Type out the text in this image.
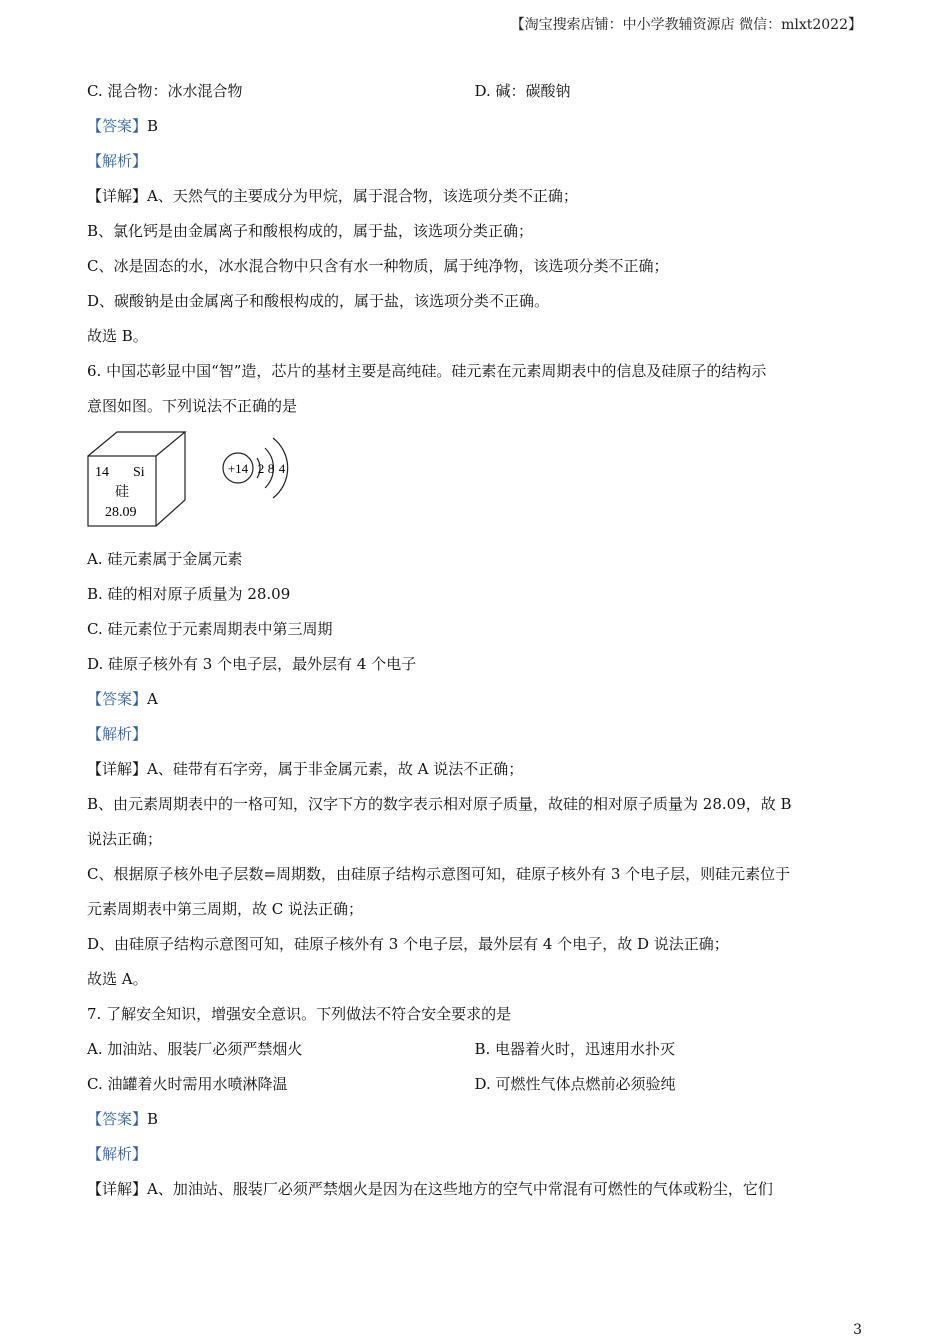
【淘宝搜索店铺：中小学教辅资源店 微信：mlxt2022】
C. 混合物：冰水混合物	D. 碱：碳酸钠
【答案】B
【解析】
【详解】A、天然气的主要成分为甲烷，属于混合物，该选项分类不正确；
B、氯化钙是由金属离子和酸根构成的，属于盐，该选项分类正确；
C、冰是固态的水，冰水混合物中只含有水一种物质，属于纯净物，该选项分类不正确；
D、碳酸钠是由金属离子和酸根构成的，属于盐，该选项分类不正确。
故选 B。
6. 中国芯彰显中国“智”造，芯片的基材主要是高纯硅。硅元素在元素周期表中的信息及硅原子的结构示
意图如图。下列说法不正确的是
14 Si
硅
28.09
+14 2 8 4
A. 硅元素属于金属元素
B. 硅的相对原子质量为 28.09
C. 硅元素位于元素周期表中第三周期
D. 硅原子核外有 3 个电子层，最外层有 4 个电子
【答案】A
【解析】
【详解】A、硅带有石字旁，属于非金属元素，故 A 说法不正确；
B、由元素周期表中的一格可知，汉字下方的数字表示相对原子质量，故硅的相对原子质量为 28.09，故 B
说法正确；
C、根据原子核外电子层数=周期数，由硅原子结构示意图可知，硅原子核外有 3 个电子层，则硅元素位于
元素周期表中第三周期，故 C 说法正确；
D、由硅原子结构示意图可知，硅原子核外有 3 个电子层，最外层有 4 个电子，故 D 说法正确；
故选 A。
7. 了解安全知识，增强安全意识。下列做法不符合安全要求的是
A. 加油站、服装厂必须严禁烟火	B. 电器着火时，迅速用水扑灭
C. 油罐着火时需用水喷淋降温	D. 可燃性气体点燃前必须验纯
【答案】B
【解析】
【详解】A、加油站、服装厂必须严禁烟火是因为在这些地方的空气中常混有可燃性的气体或粉尘，它们
3
